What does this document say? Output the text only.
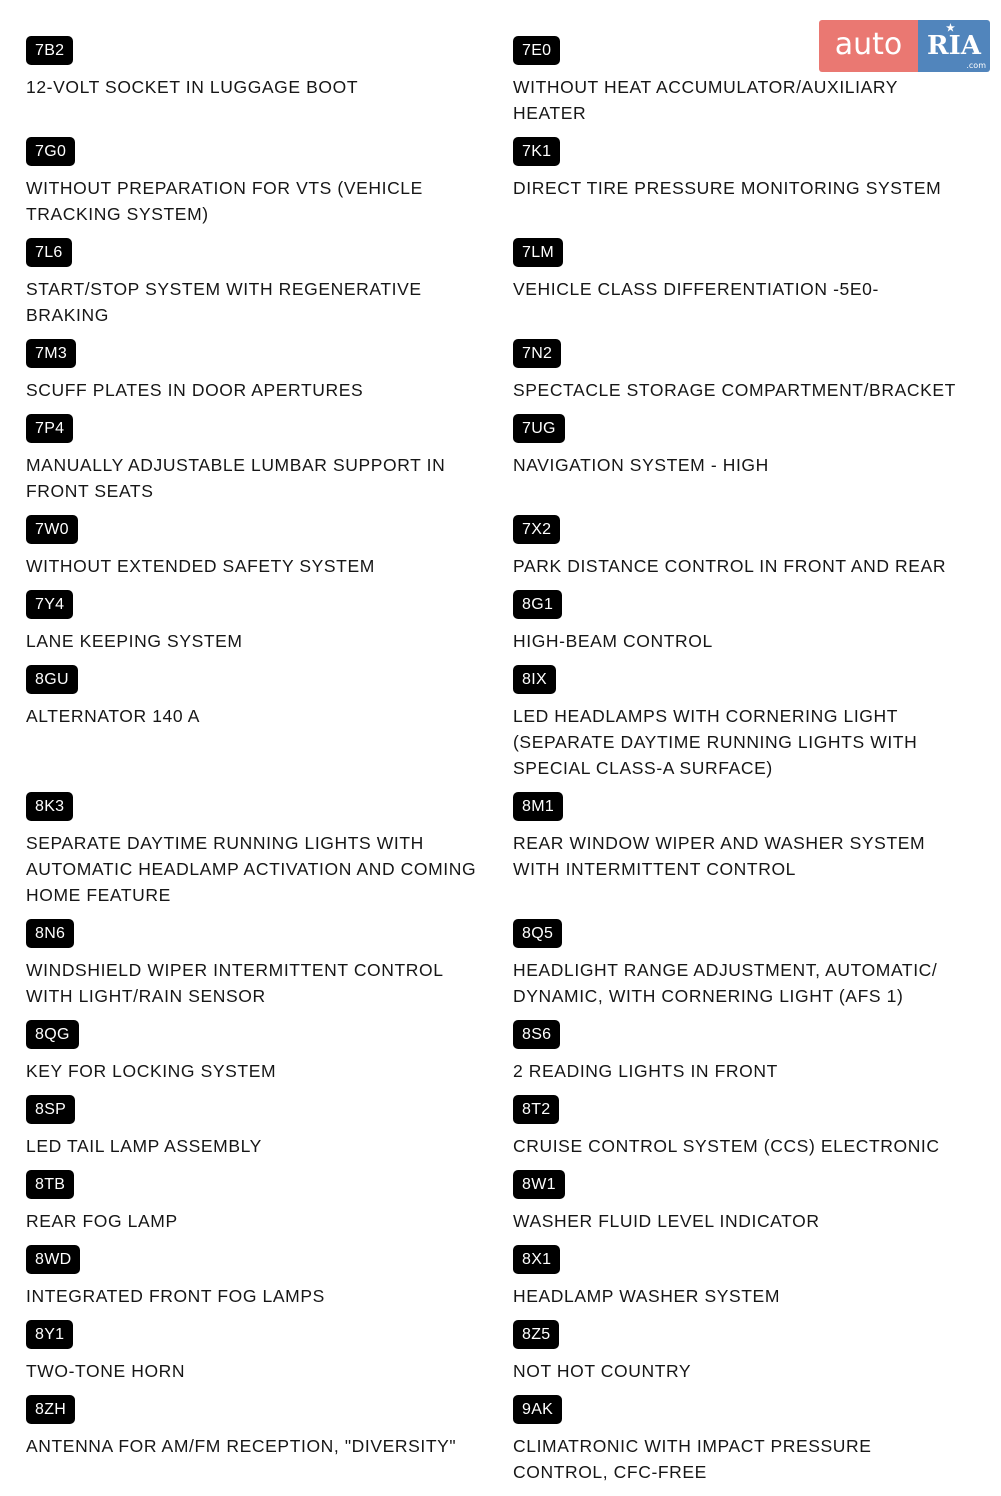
7B2
12-VOLT SOCKET IN LUGGAGE BOOT
7E0
WITHOUT HEAT ACCUMULATOR/AUXILIARY HEATER
7G0
WITHOUT PREPARATION FOR VTS (VEHICLE TRACKING SYSTEM)
7K1
DIRECT TIRE PRESSURE MONITORING SYSTEM
7L6
START/STOP SYSTEM WITH REGENERATIVE BRAKING
7LM
VEHICLE CLASS DIFFERENTIATION -5E0-
7M3
SCUFF PLATES IN DOOR APERTURES
7N2
SPECTACLE STORAGE COMPARTMENT/BRACKET
7P4
MANUALLY ADJUSTABLE LUMBAR SUPPORT IN FRONT SEATS
7UG
NAVIGATION SYSTEM - HIGH
7W0
WITHOUT EXTENDED SAFETY SYSTEM
7X2
PARK DISTANCE CONTROL IN FRONT AND REAR
7Y4
LANE KEEPING SYSTEM
8G1
HIGH-BEAM CONTROL
8GU
ALTERNATOR 140 A
8IX
LED HEADLAMPS WITH CORNERING LIGHT (SEPARATE DAYTIME RUNNING LIGHTS WITH SPECIAL CLASS-A SURFACE)
8K3
SEPARATE DAYTIME RUNNING LIGHTS WITH AUTOMATIC HEADLAMP ACTIVATION AND COMING HOME FEATURE
8M1
REAR WINDOW WIPER AND WASHER SYSTEM WITH INTERMITTENT CONTROL
8N6
WINDSHIELD WIPER INTERMITTENT CONTROL WITH LIGHT/RAIN SENSOR
8Q5
HEADLIGHT RANGE ADJUSTMENT, AUTOMATIC/ DYNAMIC, WITH CORNERING LIGHT (AFS 1)
8QG
KEY FOR LOCKING SYSTEM
8S6
2 READING LIGHTS IN FRONT
8SP
LED TAIL LAMP ASSEMBLY
8T2
CRUISE CONTROL SYSTEM (CCS) ELECTRONIC
8TB
REAR FOG LAMP
8W1
WASHER FLUID LEVEL INDICATOR
8WD
INTEGRATED FRONT FOG LAMPS
8X1
HEADLAMP WASHER SYSTEM
8Y1
TWO-TONE HORN
8Z5
NOT HOT COUNTRY
8ZH
ANTENNA FOR AM/FM RECEPTION, "DIVERSITY"
9AK
CLIMATRONIC WITH IMPACT PRESSURE CONTROL, CFC-FREE
auto	★
RIA
.com
